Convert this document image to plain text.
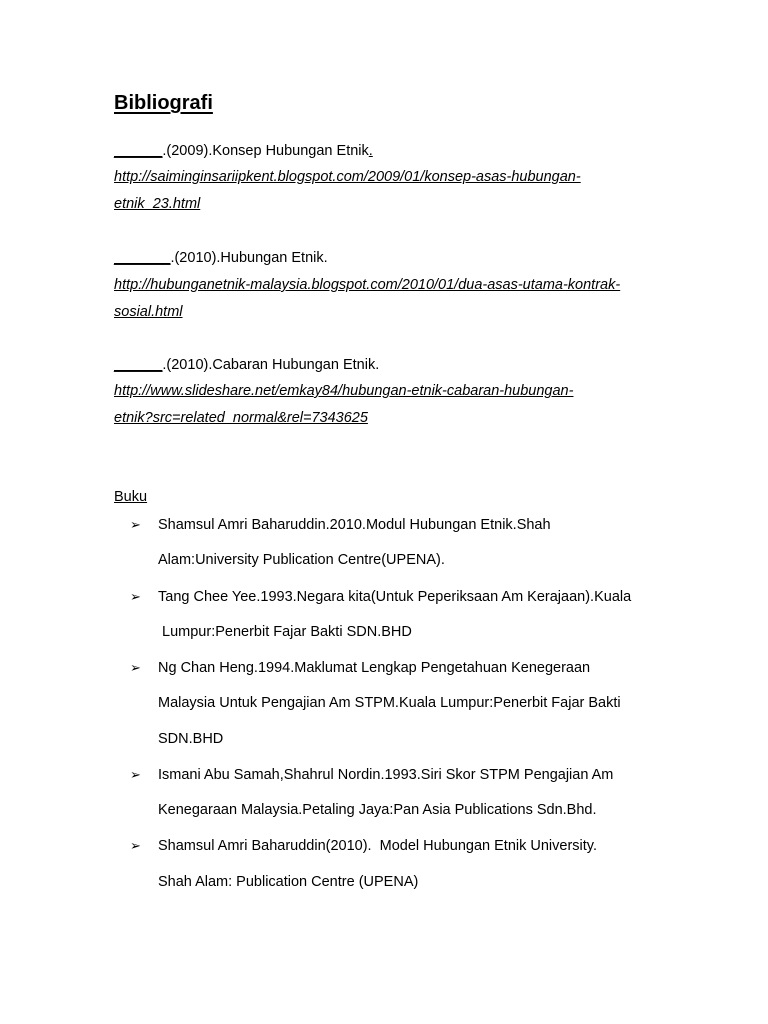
Bibliografi
______.(2009).Konsep Hubungan Etnik.
http://saiminginsariipkent.blogspot.com/2009/01/konsep-asas-hubungan-
etnik_23.html
_______.(2010).Hubungan Etnik.
http://hubunganetnik-malaysia.blogspot.com/2010/01/dua-asas-utama-kontrak-
sosial.html
______.(2010).Cabaran Hubungan Etnik.
http://www.slideshare.net/emkay84/hubungan-etnik-cabaran-hubungan-
etnik?src=related_normal&rel=7343625
Buku
➢	Shamsul Amri Baharuddin.2010.Modul Hubungan Etnik.Shah
Alam:University Publication Centre(UPENA).
➢	Tang Chee Yee.1993.Negara kita(Untuk Peperiksaan Am Kerajaan).Kuala
Lumpur:Penerbit Fajar Bakti SDN.BHD
➢	Ng Chan Heng.1994.Maklumat Lengkap Pengetahuan Kenegeraan
Malaysia Untuk Pengajian Am STPM.Kuala Lumpur:Penerbit Fajar Bakti
SDN.BHD
➢	Ismani Abu Samah,Shahrul Nordin.1993.Siri Skor STPM Pengajian Am
Kenegaraan Malaysia.Petaling Jaya:Pan Asia Publications Sdn.Bhd.
➢	Shamsul Amri Baharuddin(2010).  Model Hubungan Etnik University.
Shah Alam: Publication Centre (UPENA)
